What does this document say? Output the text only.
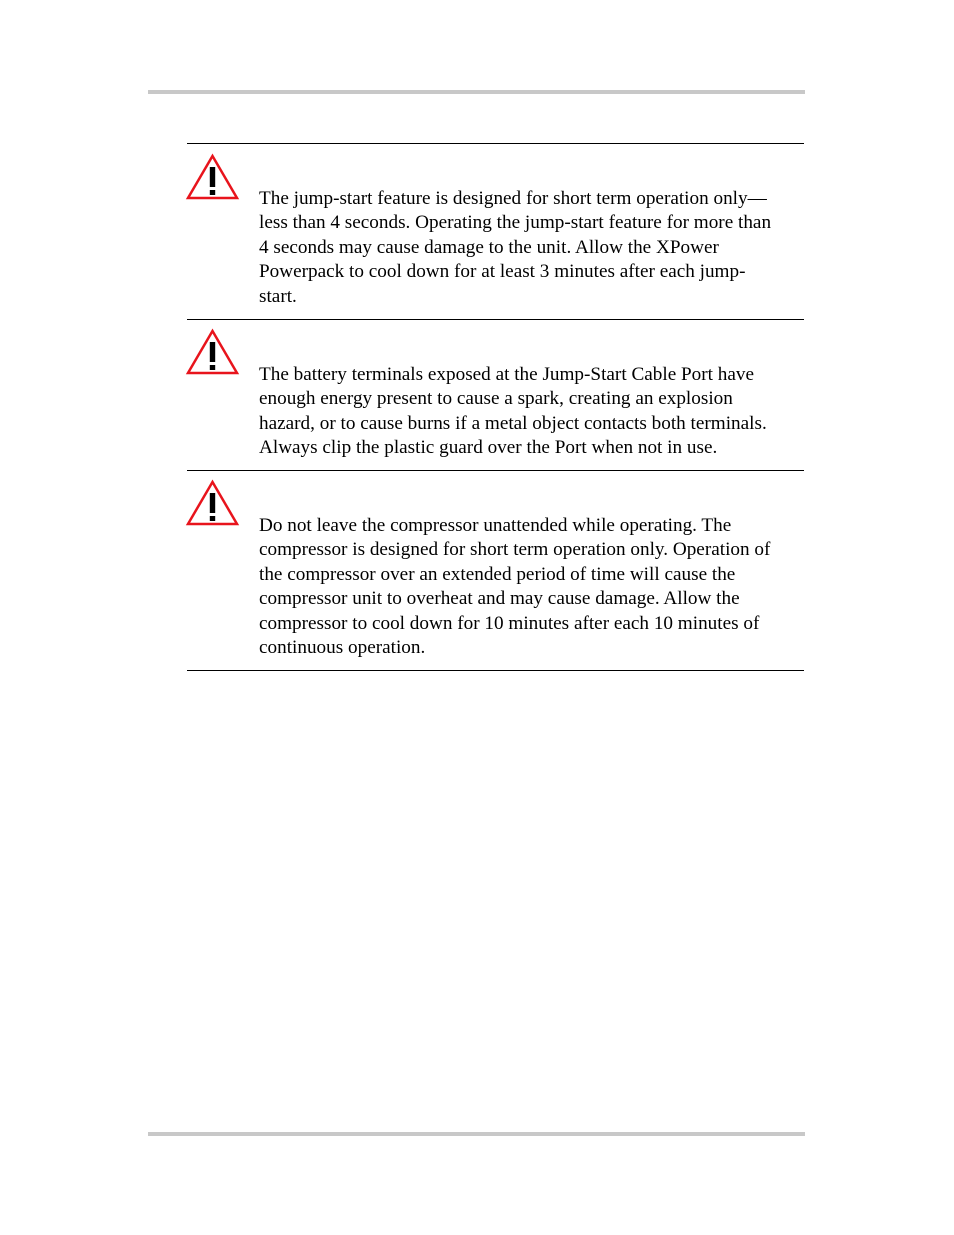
The jump-start feature is designed for short term operation only—
less than 4 seconds. Operating the jump-start feature for more than
4 seconds may cause damage to the unit. Allow the XPower
Powerpack to cool down for at least 3 minutes after each jump-
start.

The battery terminals exposed at the Jump-Start Cable Port have
enough energy present to cause a spark, creating an explosion
hazard, or to cause burns if a metal object contacts both terminals.
Always clip the plastic guard over the Port when not in use.

Do not leave the compressor unattended while operating. The
compressor is designed for short term operation only. Operation of
the compressor over an extended period of time will cause the
compressor unit to overheat and may cause damage. Allow the
compressor to cool down for 10 minutes after each 10 minutes of
continuous operation.
